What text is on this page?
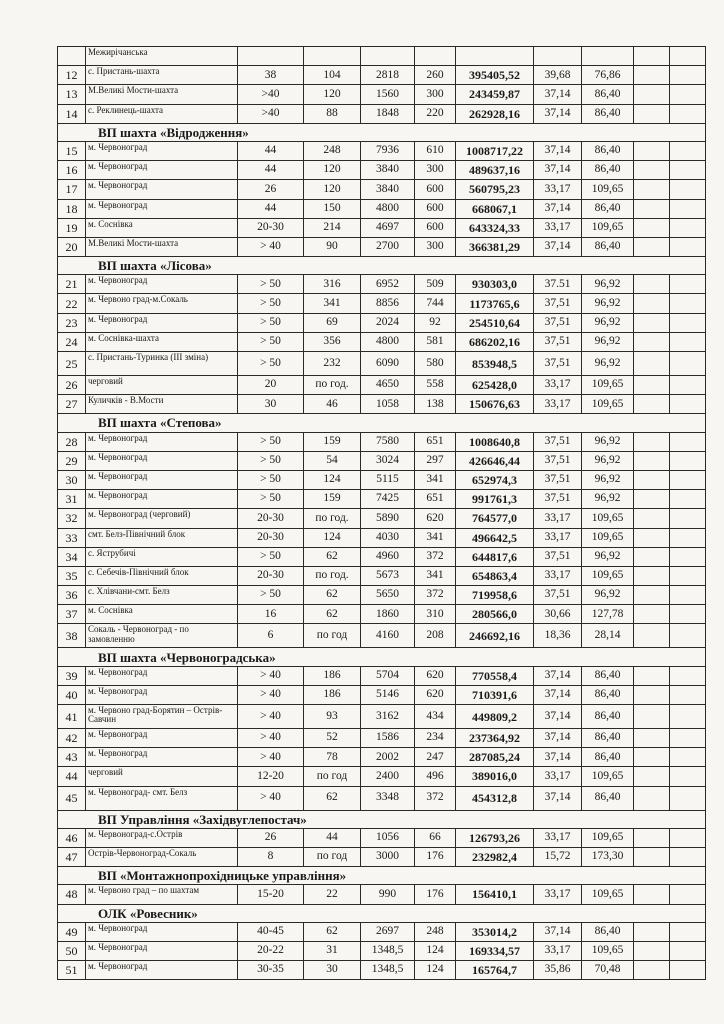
	Межирічанська									
12	с. Пристань-шахта	38	104	2818	260	395405,52	39,68	76,86		
13	М.Великі Мости-шахта	>40	120	1560	300	243459,87	37,14	86,40		
14	с. Реклинець-шахта	>40	88	1848	220	262928,16	37,14	86,40		
ВП шахта «Відродження»										
15	м. Червоноград	44	248	7936	610	1008717,22	37,14	86,40		
16	м. Червоноград	44	120	3840	300	489637,16	37,14	86,40		
17	м. Червоноград	26	120	3840	600	560795,23	33,17	109,65		
18	м. Червоноград	44	150	4800	600	668067,1	37,14	86,40		
19	м. Соснівка	20-30	214	4697	600	643324,33	33,17	109,65		
20	М.Великі Мости-шахта	> 40	90	2700	300	366381,29	37,14	86,40		
ВП шахта «Лісова»										
21	м. Червоноград	> 50	316	6952	509	930303,0	37.51	96,92		
22	м. Червоно град-м.Сокаль	> 50	341	8856	744	1173765,6	37,51	96,92		
23	м. Червоноград	> 50	69	2024	92	254510,64	37,51	96,92		
24	м. Соснівка-шахта	> 50	356	4800	581	686202,16	37,51	96,92		
25	с. Пристань-Туринка (ІІІ зміна)	> 50	232	6090	580	853948,5	37,51	96,92		
26	черговий	20	по год.	4650	558	625428,0	33,17	109,65		
27	Куличків - В.Мости	30	46	1058	138	150676,63	33,17	109,65		
ВП шахта «Степова»										
28	м. Червоноград	> 50	159	7580	651	1008640,8	37,51	96,92		
29	м. Червоноград	> 50	54	3024	297	426646,44	37,51	96,92		
30	м. Червоноград	> 50	124	5115	341	652974,3	37,51	96,92		
31	м. Червоноград	> 50	159	7425	651	991761,3	37,51	96,92		
32	м. Червоноград (черговий)	20-30	по год.	5890	620	764577,0	33,17	109,65		
33	смт. Белз-Північний блок	20-30	124	4030	341	496642,5	33,17	109,65		
34	с. Яструбичі	> 50	62	4960	372	644817,6	37,51	96,92		
35	с. Себечів-Північний блок	20-30	по год.	5673	341	654863,4	33,17	109,65		
36	с. Хлівчани-смт. Белз	> 50	62	5650	372	719958,6	37,51	96,92		
37	м. Соснівка	16	62	1860	310	280566,0	30,66	127,78		
38	Сокаль - Червоноград - по замовленню	6	по год	4160	208	246692,16	18,36	28,14		
ВП шахта «Червоноградська»										
39	м. Червоноград	> 40	186	5704	620	770558,4	37,14	86,40		
40	м. Червоноград	> 40	186	5146	620	710391,6	37,14	86,40		
41	м. Червоно град-Борятин – Острів-Савчин	> 40	93	3162	434	449809,2	37,14	86,40		
42	м. Червоноград	> 40	52	1586	234	237364,92	37,14	86,40		
43	м. Червоноград	> 40	78	2002	247	287085,24	37,14	86,40		
44	черговий	12-20	по год	2400	496	389016,0	33,17	109,65		
45	м. Червоноград- смт. Белз	> 40	62	3348	372	454312,8	37,14	86,40		
ВП Управління «Західвуглепостач»										
46	м. Червоноград-с.Острів	26	44	1056	66	126793,26	33,17	109,65		
47	Острів-Червоноград-Сокаль	8	по год	3000	176	232982,4	15,72	173,30		
ВП «Монтажнопрохідницьке управління»										
48	м. Червоно град – по шахтам	15-20	22	990	176	156410,1	33,17	109,65		
ОЛК «Ровесник»										
49	м. Червоноград	40-45	62	2697	248	353014,2	37,14	86,40		
50	м. Червоноград	20-22	31	1348,5	124	169334,57	33,17	109,65		
51	м. Червоноград	30-35	30	1348,5	124	165764,7	35,86	70,48		
